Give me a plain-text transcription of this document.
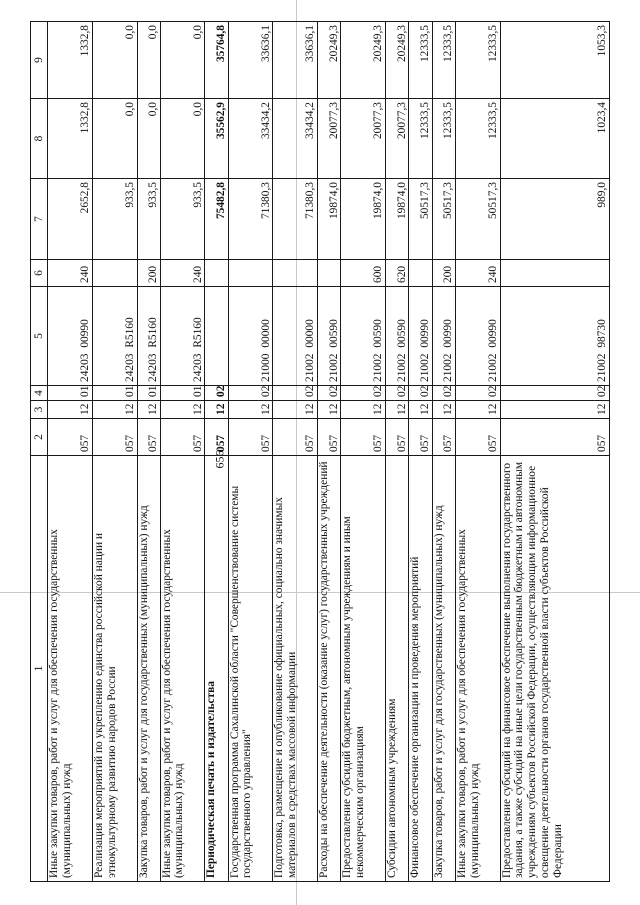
656
1	2	3	4	5	6	7	8	9
Иные закупки товаров, работ и услуг для обеспечения государственных (муниципальных) нужд	057	12	01	24203 00990	240	2652,8	1332,8	1332,8
Реализация мероприятий по укреплению единства российской нации и этнокультурному развитию народов России	057	12	01	24203 R5160		933,5	0,0	0,0
Закупка товаров, работ и услуг для государственных (муниципальных) нужд	057	12	01	24203 R5160	200	933,5	0,0	0,0
Иные закупки товаров, работ и услуг для обеспечения государственных (муниципальных) нужд	057	12	01	24203 R5160	240	933,5	0,0	0,0
Периодическая печать и издательства	057	12	02			75482,8	35562,9	35764,8
Государственная программа Сахалинской области "Совершенствование системы государственного управления"	057	12	02	21000 00000		71380,3	33434,2	33636,1
Подготовка, размещение и опубликование официальных, социально значимых материалов в средствах массовой информации	057	12	02	21002 00000		71380,3	33434,2	33636,1
Расходы на обеспечение деятельности (оказание услуг) государственных учреждений	057	12	02	21002 00590		19874,0	20077,3	20249,3
Предоставление субсидий бюджетным, автономным учреждениям и иным некоммерческим организациям	057	12	02	21002 00590	600	19874,0	20077,3	20249,3
Субсидии автономным учреждениям	057	12	02	21002 00590	620	19874,0	20077,3	20249,3
Финансовое обеспечение организации и проведения мероприятий	057	12	02	21002 00990		50517,3	12333,5	12333,5
Закупка товаров, работ и услуг для государственных (муниципальных) нужд	057	12	02	21002 00990	200	50517,3	12333,5	12333,5
Иные закупки товаров, работ и услуг для обеспечения государственных (муниципальных) нужд	057	12	02	21002 00990	240	50517,3	12333,5	12333,5
Предоставление субсидий на финансовое обеспечение выполнения государственного задания, а также субсидий на иные цели государственным бюджетным и автономным учреждениям субъектов Российской Федерации, осуществляющим информационное освещение деятельности органов государственной власти субъектов Российской Федерации	057	12	02	21002 98730		989,0	1023,4	1053,3
